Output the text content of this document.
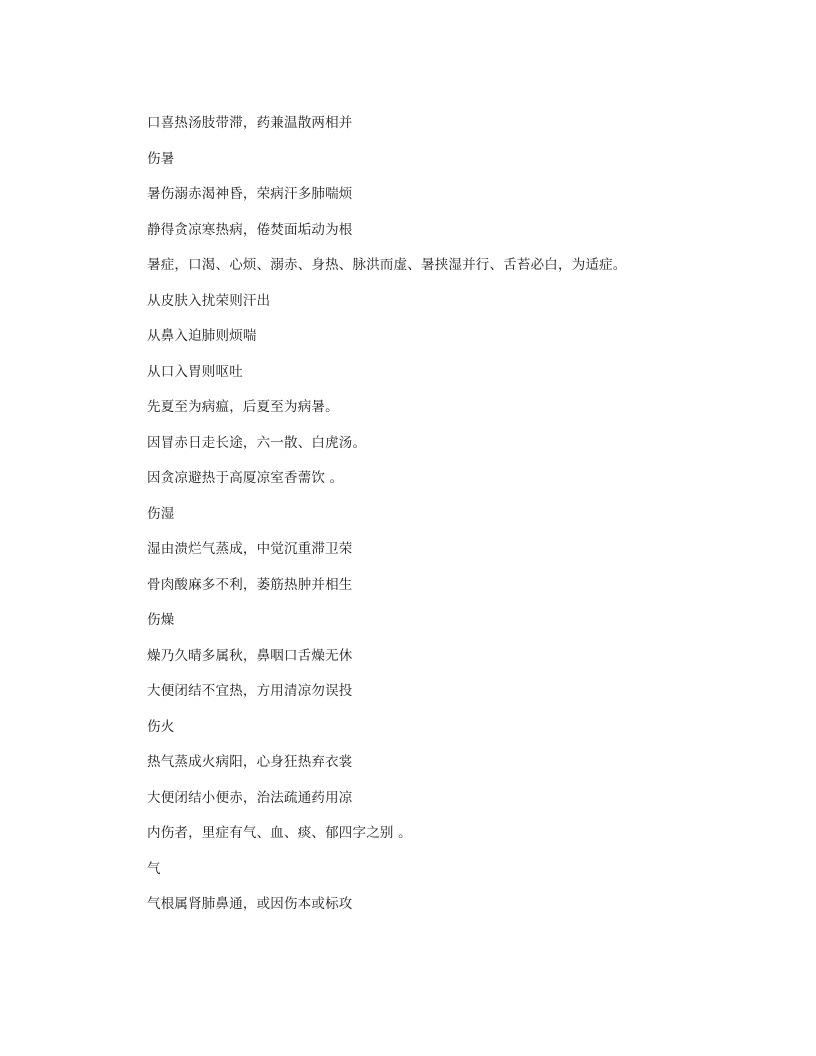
口喜热汤肢带滞，药兼温散两相并
伤暑
暑伤溺赤渴神昏，荣病汗多肺喘烦
静得贪凉寒热病，倦焚面垢动为根
暑症，口渴、心烦、溺赤、身热、脉洪而虚、暑挟湿并行、舌苔必白，为适症。
从皮肤入扰荣则汗出
从鼻入迫肺则烦喘
从口入胃则呕吐
先夏至为病瘟，后夏至为病暑。
因冒赤日走长途，六一散、白虎汤。
因贪凉避热于高厦凉室香薷饮 。
伤湿
湿由溃烂气蒸成，中觉沉重滞卫荣
骨肉酸麻多不利，萎筋热肿并相生
伤燥
燥乃久晴多属秋，鼻咽口舌燥无休
大便闭结不宜热，方用清凉勿误投
伤火
热气蒸成火病阳，心身狂热弃衣裳
大便闭结小便赤，治法疏通药用凉
内伤者，里症有气、血、痰、郁四字之别 。
气
气根属肾肺鼻通，或因伤本或标攻
